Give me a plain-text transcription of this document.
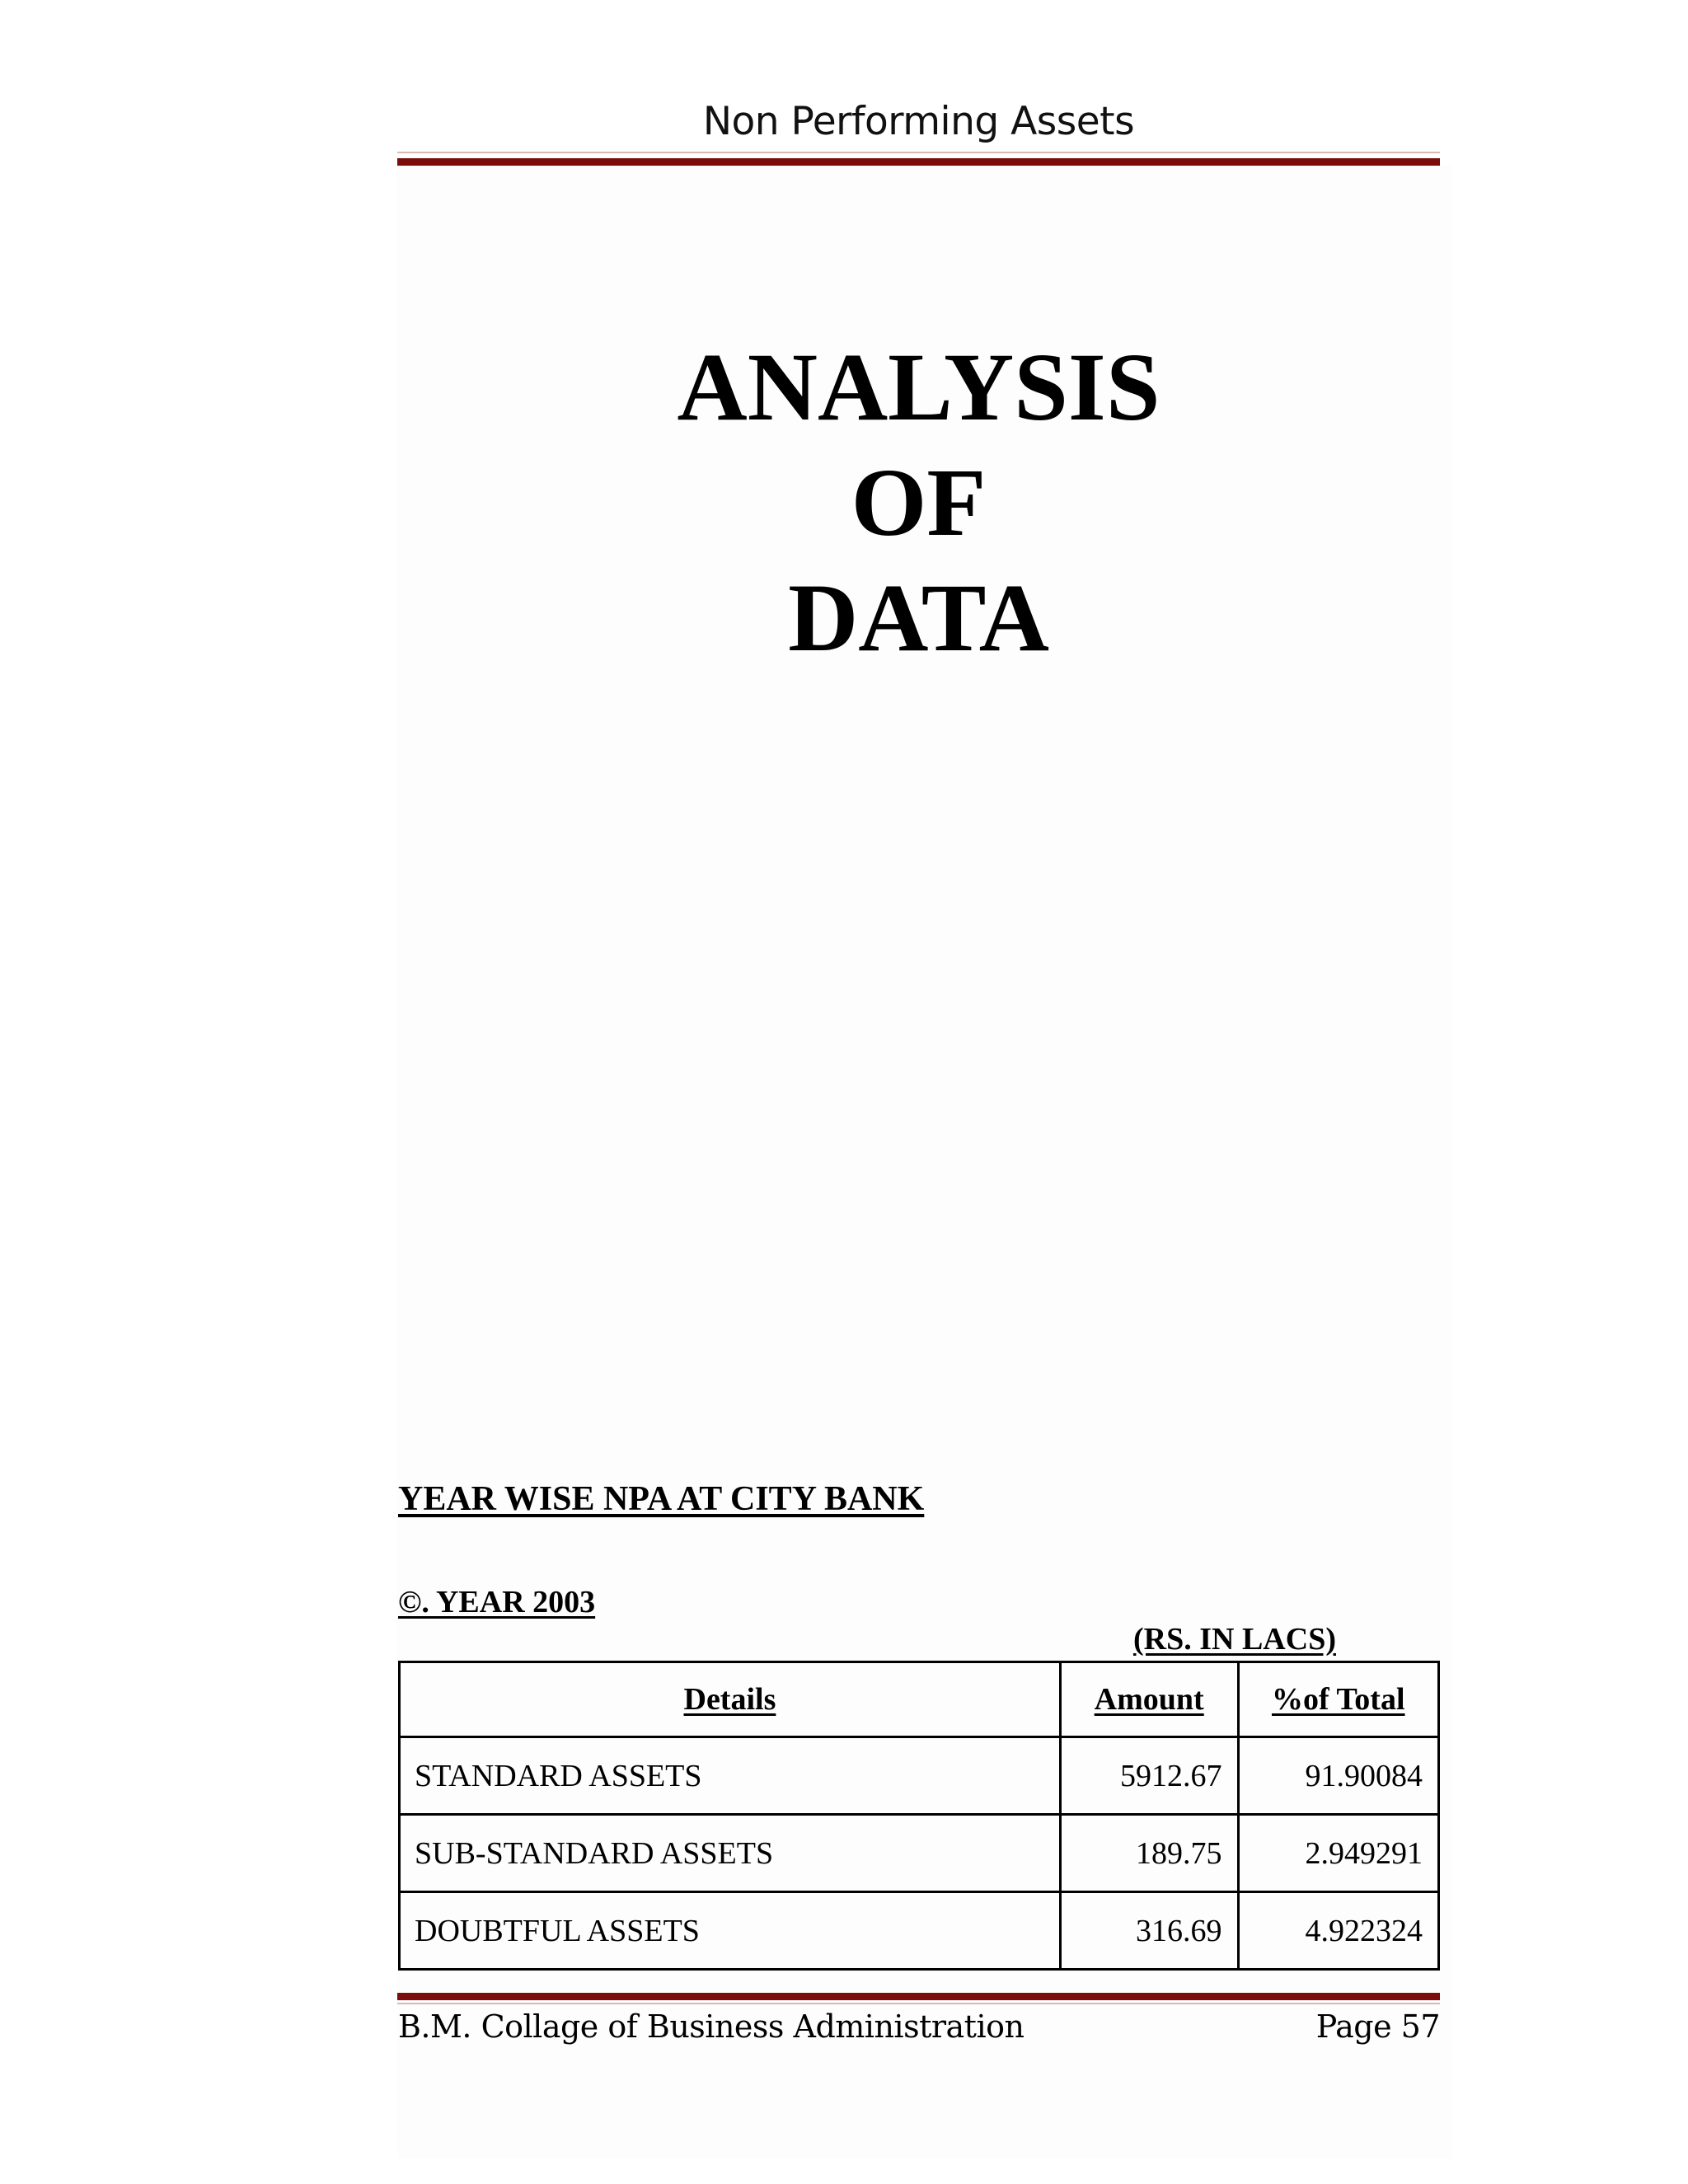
Non Performing Assets
ANALYSIS
OF
DATA
YEAR WISE NPA AT CITY BANK
©. YEAR 2003
(RS. IN LACS)
Details	Amount	%of Total
STANDARD ASSETS	5912.67	91.90084
SUB-STANDARD ASSETS	189.75	2.949291
DOUBTFUL ASSETS	316.69	4.922324
B.M. Collage of Business Administration	Page 57
